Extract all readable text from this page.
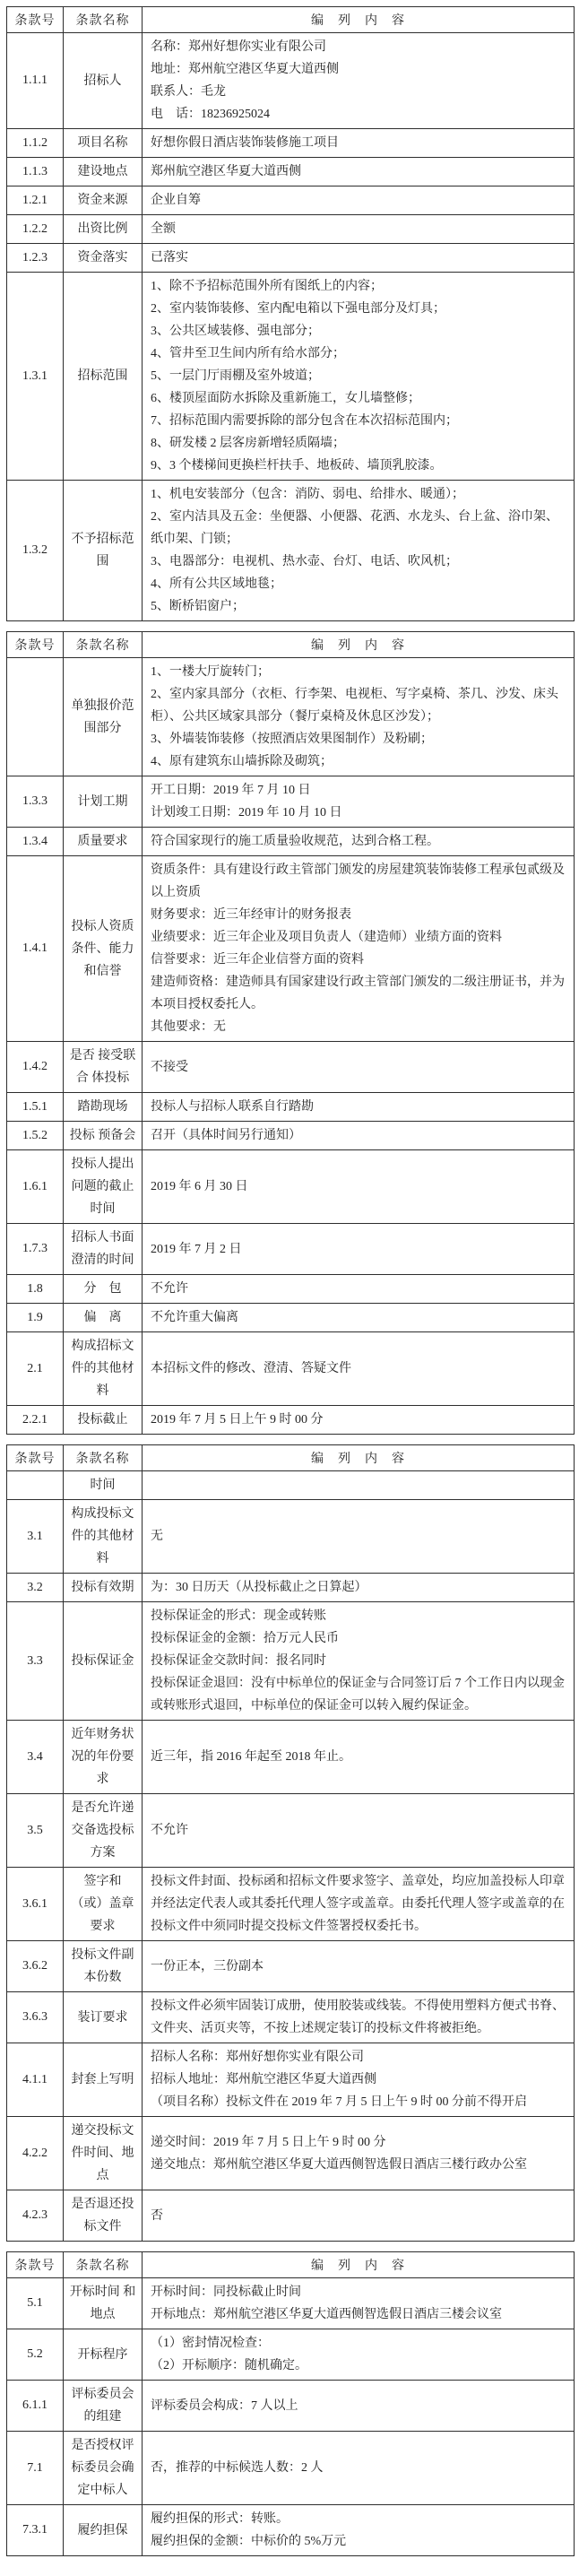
条款号	条款名称	编　列　内　容
1.1.1	招标人	名称：郑州好想你实业有限公司
地址：郑州航空港区华夏大道西侧
联系人：毛龙
电　话：18236925024

1.1.2	项目名称	好想你假日酒店装饰装修施工项目

1.1.3	建设地点	郑州航空港区华夏大道西侧

1.2.1	资金来源	企业自筹

1.2.2	出资比例	全额

1.2.3	资金落实	已落实

1.3.1	招标范围	
1、除不予招标范围外所有图纸上的内容；
2、室内装饰装修、室内配电箱以下强电部分及灯具；
3、公共区域装修、强电部分；
4、管井至卫生间内所有给水部分；
5、一层门厅雨棚及室外坡道；
6、楼顶屋面防水拆除及重新施工，女儿墙整修；
7、招标范围内需要拆除的部分包含在本次招标范围内；
8、研发楼 2 层客房新增轻质隔墙；
9、3 个楼梯间更换栏杆扶手、地板砖、墙顶乳胶漆。

1.3.2	不予招标范围	1、机电安装部分（包含：消防、弱电、给排水、暖通）；
2、室内洁具及五金：坐便器、小便器、花洒、水龙头、台上盆、浴巾架、纸巾架、门锁；
3、电器部分：电视机、热水壶、台灯、电话、吹风机；
4、所有公共区域地毯；
5、断桥铝窗户；
条款号	条款名称	编　列　内　容
	单独报价范围部分	1、一楼大厅旋转门；
2、室内家具部分（衣柜、行李架、电视柜、写字桌椅、茶几、沙发、床头柜）、公共区域家具部分（餐厅桌椅及休息区沙发）；
3、外墙装饰装修（按照酒店效果图制作）及粉刷；
4、原有建筑东山墙拆除及砌筑；

1.3.3	计划工期	开工日期：2019 年 7 月 10 日
计划竣工日期：2019 年 10 月 10 日

1.3.4	质量要求	符合国家现行的施工质量验收规范，达到合格工程。

1.4.1	投标人资质条件、能力和信誉	
资质条件：具有建设行政主管部门颁发的房屋建筑装饰装修工程承包贰级及以上资质
财务要求：近三年经审计的财务报表
业绩要求：近三年企业及项目负责人（建造师）业绩方面的资料
信誉要求：近三年企业信誉方面的资料
建造师资格：建造师具有国家建设行政主管部门颁发的二级注册证书，并为本项目授权委托人。
其他要求：无

1.4.2	是否 接受联合 体投标	不接受

1.5.1	踏勘现场	投标人与招标人联系自行踏勘

1.5.2	投标 预备会	召开（具体时间另行通知）

1.6.1	投标人提出问题的截止时间	2019 年 6 月 30 日

1.7.3	招标人书面澄清的时间	2019 年 7 月 2 日

1.8	分　包	不允许

1.9	偏　离	不允许重大偏离

2.1	构成招标文件的其他材料	本招标文件的修改、澄清、答疑文件

2.2.1	投标截止	2019 年 7 月 5 日上午 9 时 00 分
条款号	条款名称	编　列　内　容
	时间	

3.1	构成投标文件的其他材料	无

3.2	投标有效期	为：30 日历天（从投标截止之日算起）

3.3	投标保证金	投标保证金的形式：现金或转账
投标保证金的金额：拾万元人民币
投标保证金交款时间：报名同时
投标保证金退回：没有中标单位的保证金与合同签订后 7 个工作日内以现金或转账形式退回，中标单位的保证金可以转入履约保证金。

3.4	近年财务状况的年份要求	近三年，指 2016 年起至 2018 年止。

3.5	是否允许递交备选投标方案	不允许

3.6.1	签字和 （或）盖章 要求	投标文件封面、投标函和招标文件要求签字、盖章处，均应加盖投标人印章并经法定代表人或其委托代理人签字或盖章。由委托代理人签字或盖章的在投标文件中须同时提交投标文件签署授权委托书。

3.6.2	投标文件副本份数	一份正本，三份副本

3.6.3	装订要求	投标文件必须牢固装订成册，使用胶装或线装。不得使用塑料方便式书脊、文件夹、活页夹等，不按上述规定装订的投标文件将被拒绝。

4.1.1	封套上写明	招标人名称：郑州好想你实业有限公司
招标人地址：郑州航空港区华夏大道西侧
（项目名称）投标文件在 2019 年 7 月 5 日上午 9 时 00 分前不得开启

4.2.2	递交投标文件时间、地点	递交时间：2019 年 7 月 5 日上午 9 时 00 分
递交地点：郑州航空港区华夏大道西侧智选假日酒店三楼行政办公室

4.2.3	是否退还投标文件	否
条款号	条款名称	编　列　内　容
5.1	开标时间 和地点	开标时间：同投标截止时间
开标地点：郑州航空港区华夏大道西侧智选假日酒店三楼会议室

5.2	开标程序	（1）密封情况检查：
（2）开标顺序：随机确定。

6.1.1	评标委员会的组建	评标委员会构成：7 人以上

7.1	是否授权评标委员会确定中标人	否，推荐的中标候选人数：2 人

7.3.1	履约担保	履约担保的形式：转账。
履约担保的金额：中标价的 5%万元
